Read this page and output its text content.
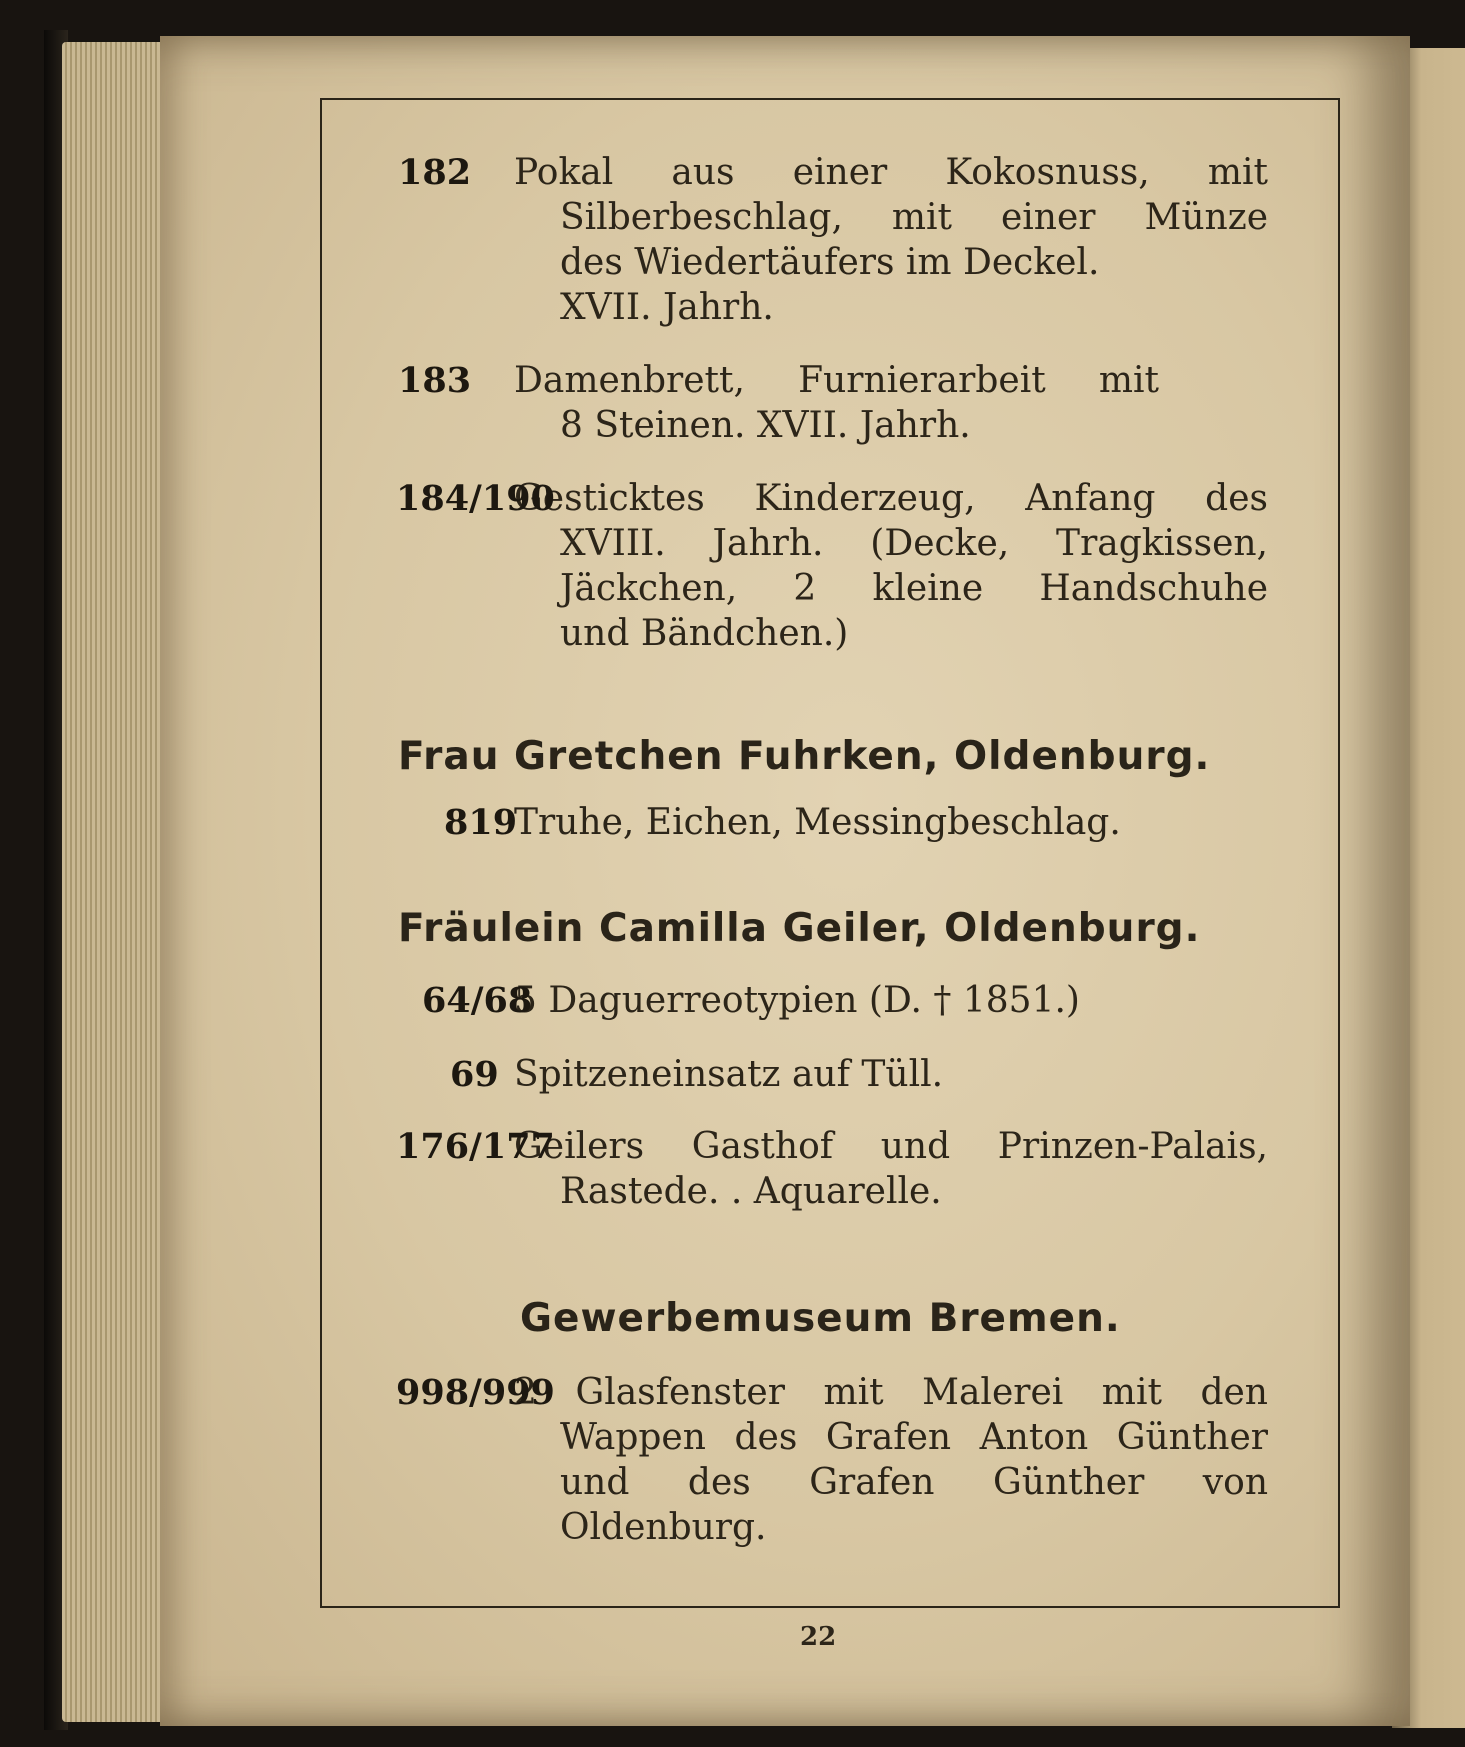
182	Pokal aus einer Kokosnuss, mit
Silberbeschlag, mit einer Münze
des Wiedertäufers im Deckel.
XVII. Jahrh.
183	Damenbrett, Furnierarbeit mit
8 Steinen. XVII. Jahrh.
184/190
Gesticktes Kinderzeug, Anfang des
XVIII. Jahrh. (Decke, Tragkissen,
Jäckchen, 2 kleine Handschuhe
und Bändchen.)
Frau Gretchen Fuhrken, Oldenburg.
819
Truhe, Eichen, Messingbeschlag.
Fräulein Camilla Geiler, Oldenburg.
64/68
5 Daguerreotypien (D. † 1851.)
69 Spitzeneinsatz auf Tüll.
176/177
Geilers Gasthof und Prinzen-Palais,
Rastede. . Aquarelle.
Gewerbemuseum Bremen.
998/999
2 Glasfenster mit Malerei mit den
Wappen des Grafen Anton Günther
und des Grafen Günther von
Oldenburg.
22
